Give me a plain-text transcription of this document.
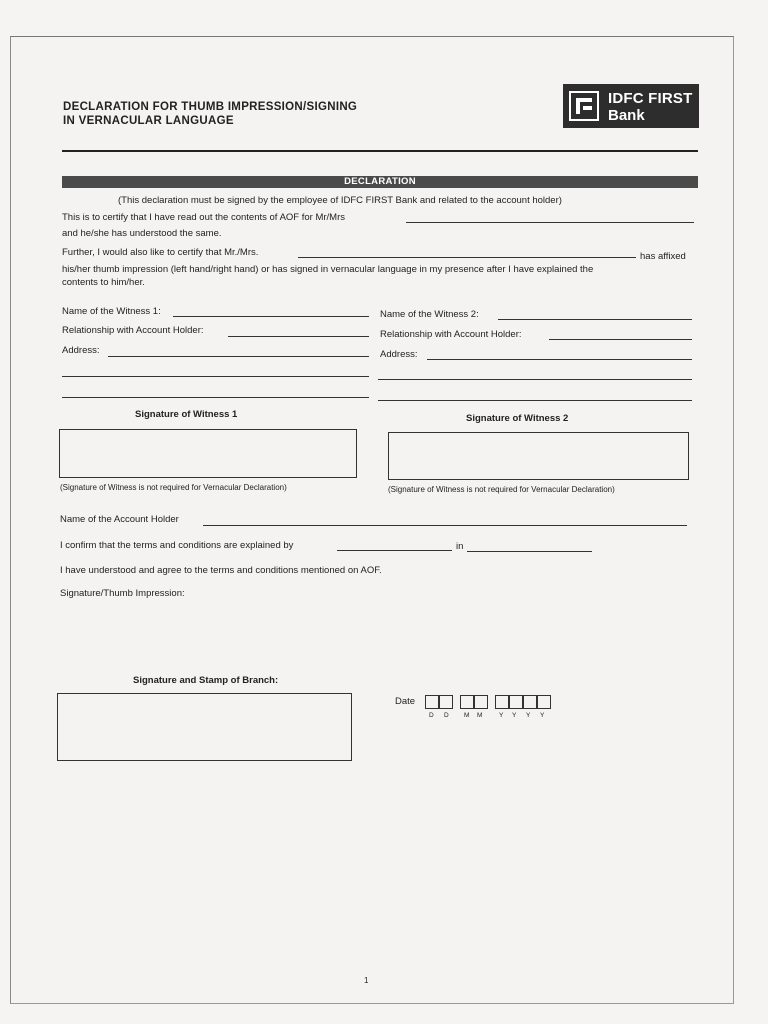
DECLARATION FOR THUMB IMPRESSION/SIGNING
IN VERNACULAR LANGUAGE
IDFC FIRST
Bank
DECLARATION
(This declaration must be signed by the employee of IDFC FIRST Bank and related to the account holder)
This is to certify that I have read out the contents of AOF for Mr/Mrs
and he/she has understood the same.
Further, I would also like to certify that Mr./Mrs.	has affixed
his/her thumb impression (left hand/right hand) or has signed in vernacular language in my presence after I have explained the
contents to him/her.
Name of the Witness 1:
Relationship with Account Holder:
Address:
Name of the Witness 2:
Relationship with Account Holder:
Address:
Signature of Witness 1
(Signature of Witness is not required for Vernacular Declaration)
Signature of Witness 2
(Signature of Witness is not required for Vernacular Declaration)
Name of the Account Holder
I confirm that the terms and conditions are explained by	in
I have understood and agree to the terms and conditions mentioned on AOF.
Signature/Thumb Impression:
Signature and Stamp of Branch:
Date
D D M M Y Y Y Y
1
